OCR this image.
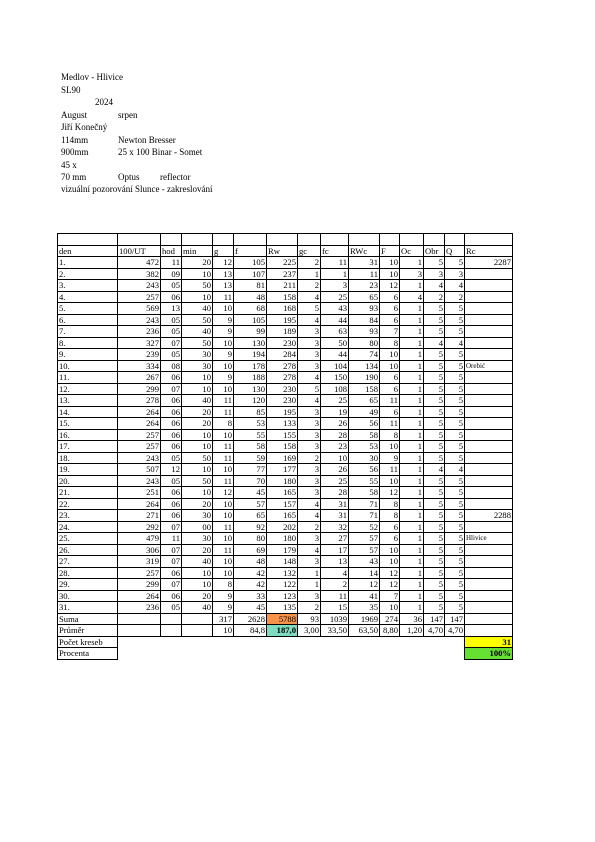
Medlov - Hlivice
SL90
2024
August	srpen
Jiří Konečný
114mm	Newton Bresser
900mm	25 x 100 Binar - Somet
45 x
70 mm	Optus reflector
vizuální pozorování Slunce - zakreslování

den	100/UT	hod	min	g	f	Rw	gc	fc	RWc	F	Oc	Obr	Q	Rc
1.	472	11	20	12	105	225	2	11	31	10	1	5	5	2287
2.	382	09	10	13	107	237	1	1	11	10	3	3	3	
3.	243	05	50	13	81	211	2	3	23	12	1	4	4	
4.	257	06	10	11	48	158	4	25	65	6	4	2	2	
5.	569	13	40	10	68	168	5	43	93	6	1	5	5	
6.	243	05	50	9	105	195	4	44	84	6	1	5	5	
7.	236	05	40	9	99	189	3	63	93	7	1	5	5	
8.	327	07	50	10	130	230	3	50	80	8	1	4	4	
9.	239	05	30	9	194	284	3	44	74	10	1	5	5	
10.	334	08	30	10	178	278	3	104	134	10	1	5	5	Orebić
11.	267	06	10	9	188	278	4	150	190	6	1	5	5	
12.	299	07	10	10	130	230	5	108	158	6	1	5	5	
13.	278	06	40	11	120	230	4	25	65	11	1	5	5	
14.	264	06	20	11	85	195	3	19	49	6	1	5	5	
15.	264	06	20	8	53	133	3	26	56	11	1	5	5	
16.	257	06	10	10	55	155	3	28	58	8	1	5	5	
17.	257	06	10	11	58	158	3	23	53	10	1	5	5	
18.	243	05	50	11	59	169	2	10	30	9	1	5	5	
19.	507	12	10	10	77	177	3	26	56	11	1	4	4	
20.	243	05	50	11	70	180	3	25	55	10	1	5	5	
21.	251	06	10	12	45	165	3	28	58	12	1	5	5	
22.	264	06	20	10	57	157	4	31	71	8	1	5	5	
23.	271	06	30	10	65	165	4	31	71	8	1	5	5	2288
24.	292	07	00	11	92	202	2	32	52	6	1	5	5	
25.	479	11	30	10	80	180	3	27	57	6	1	5	5	Hlivice
26.	306	07	20	11	69	179	4	17	57	10	1	5	5	
27.	319	07	40	10	48	148	3	13	43	10	1	5	5	
28.	257	06	10	10	42	132	1	4	14	12	1	5	5	
29.	299	07	10	8	42	122	1	2	12	12	1	5	5	
30.	264	06	20	9	33	123	3	11	41	7	1	5	5	
31.	236	05	40	9	45	135	2	15	35	10	1	5	5	
Suma				317	2628	5788	93	1039	1969	274	36	147	147	
Průměr				10	84,8	187,0	3,00	33,50	63,50	8,80	1,20	4,70	4,70	
Počet kreseb														31
Procenta														100%
